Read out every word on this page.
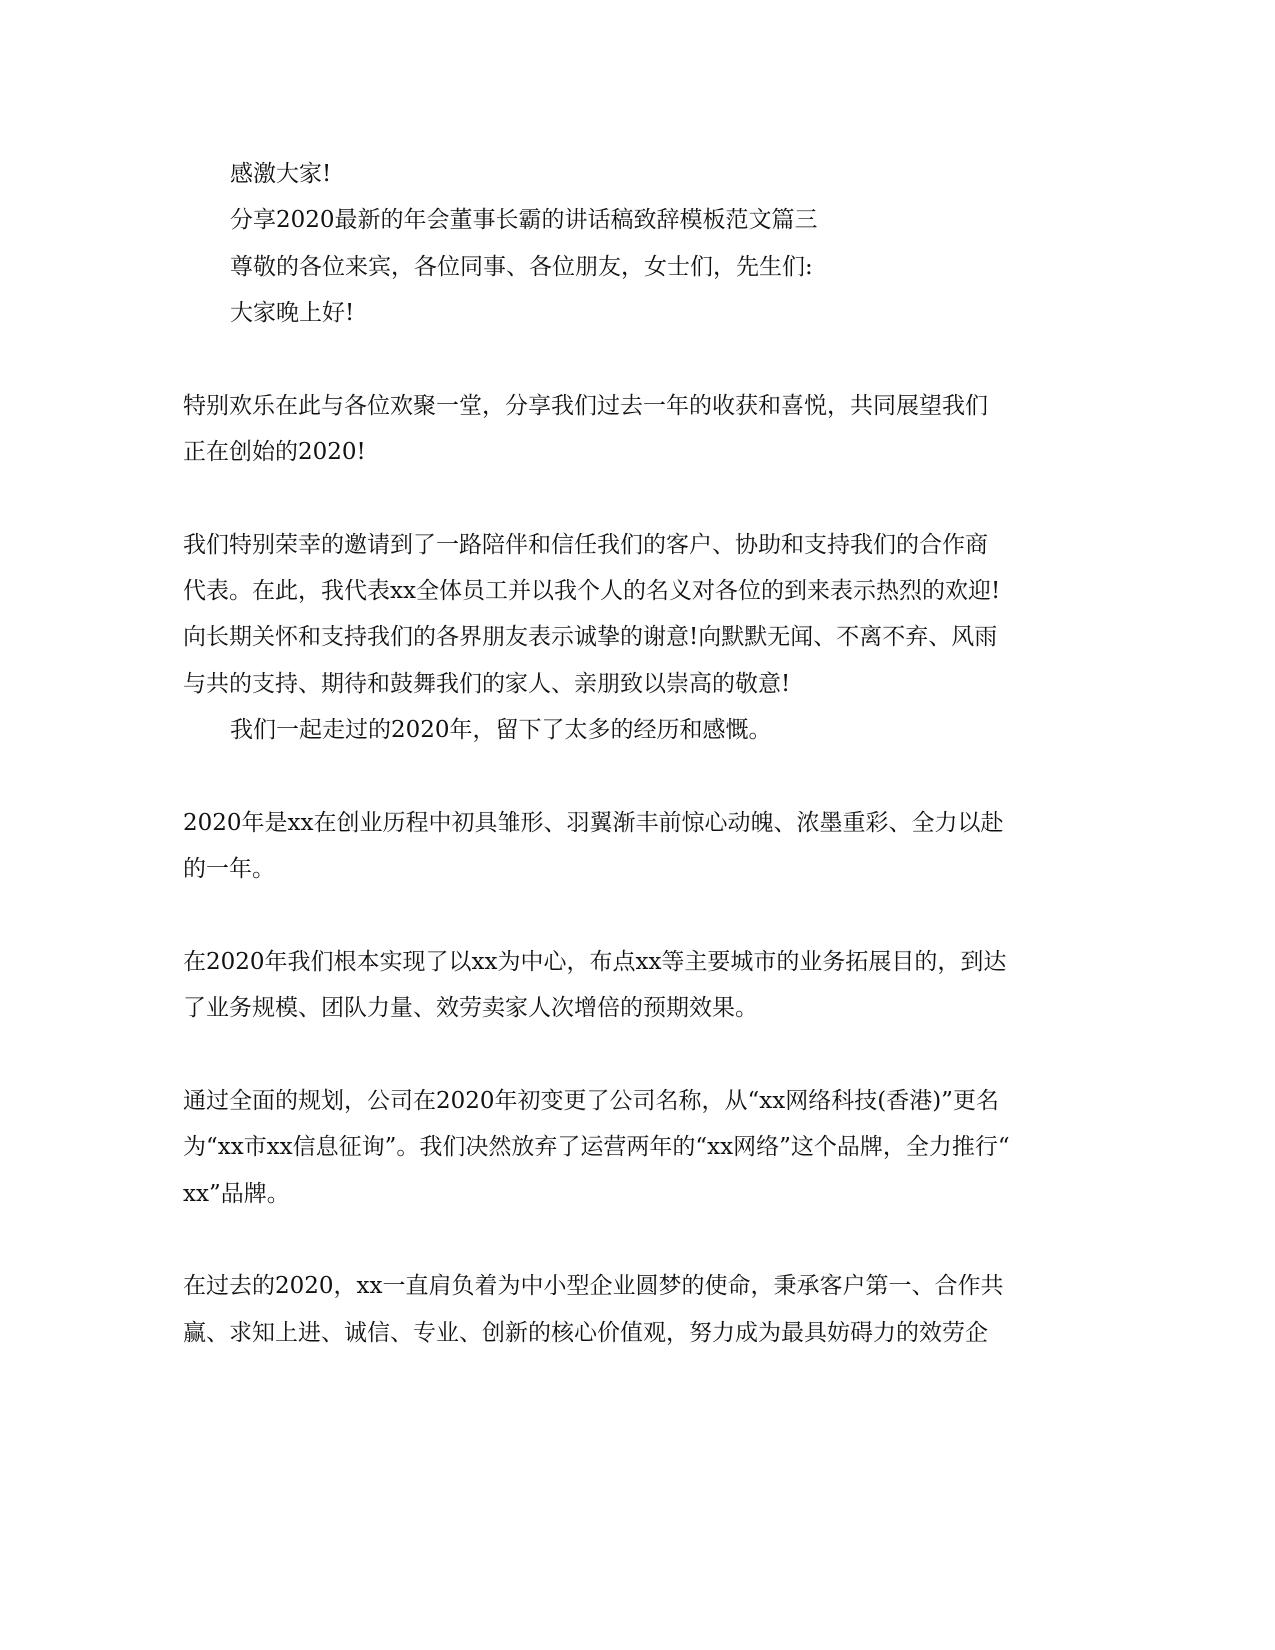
感激大家!
分享2020最新的年会董事长霸的讲话稿致辞模板范文篇三
尊敬的各位来宾，各位同事、各位朋友，女士们，先生们:
大家晚上好!
特别欢乐在此与各位欢聚一堂，分享我们过去一年的收获和喜悦，共同展望我们
正在创始的2020!
我们特别荣幸的邀请到了一路陪伴和信任我们的客户、协助和支持我们的合作商
代表。在此，我代表xx全体员工并以我个人的名义对各位的到来表示热烈的欢迎!
向长期关怀和支持我们的各界朋友表示诚挚的谢意!向默默无闻、不离不弃、风雨
与共的支持、期待和鼓舞我们的家人、亲朋致以崇高的敬意!
我们一起走过的2020年，留下了太多的经历和感慨。
2020年是xx在创业历程中初具雏形、羽翼渐丰前惊心动魄、浓墨重彩、全力以赴
的一年。
在2020年我们根本实现了以xx为中心，布点xx等主要城市的业务拓展目的，到达
了业务规模、团队力量、效劳卖家人次增倍的预期效果。
通过全面的规划，公司在2020年初变更了公司名称，从“xx网络科技(香港)”更名
为“xx市xx信息征询”。我们决然放弃了运营两年的“xx网络”这个品牌，全力推行“
xx”品牌。
在过去的2020，xx一直肩负着为中小型企业圆梦的使命，秉承客户第一、合作共
赢、求知上进、诚信、专业、创新的核心价值观，努力成为最具妨碍力的效劳企
